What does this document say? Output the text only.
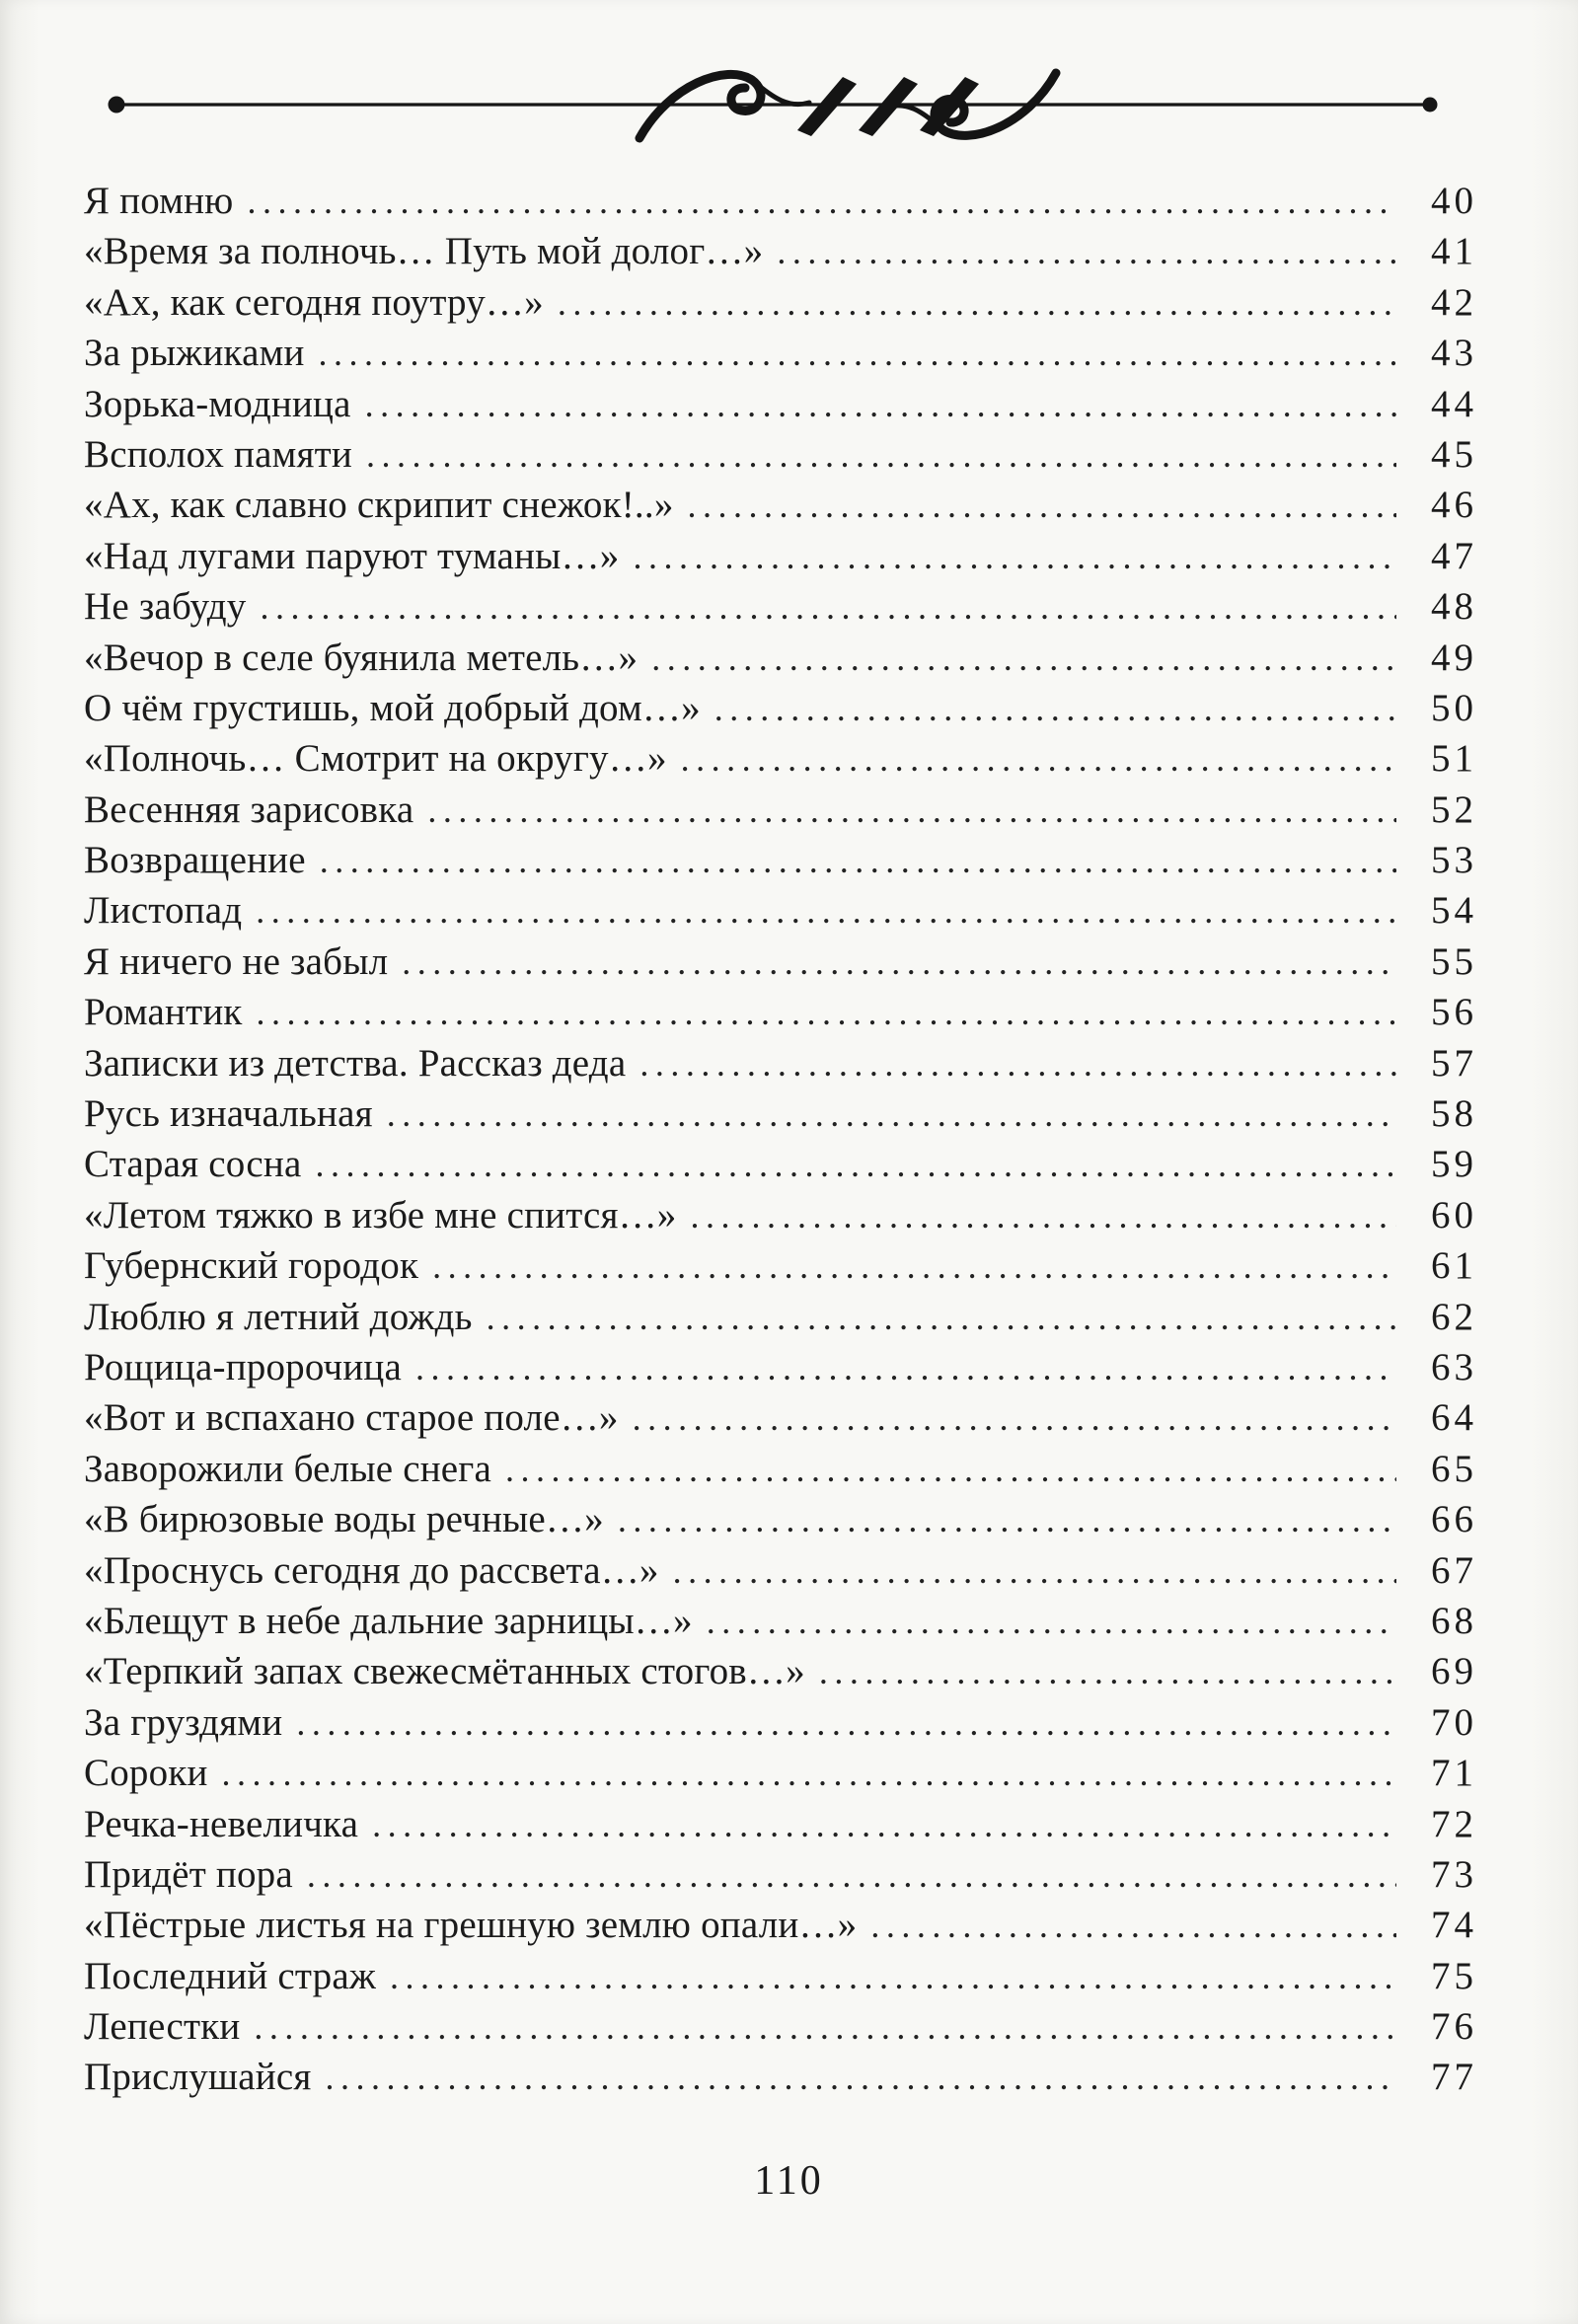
Я помню .....	40
«Время за полночь… Путь мой долог…» .....	41
«Ах, как сегодня поутру…» .....	42
За рыжиками .....	43
Зорька-модница .....	44
Всполох памяти .....	45
«Ах, как славно скрипит снежок!..» .....	46
«Над лугами паруют туманы…» .....	47
Не забуду .....	48
«Вечор в селе буянила метель…» .....	49
О чём грустишь, мой добрый дом…» .....	50
«Полночь… Смотрит на округу…» .....	51
Весенняя зарисовка .....	52
Возвращение .....	53
Листопад .....	54
Я ничего не забыл .....	55
Романтик .....	56
Записки из детства. Рассказ деда .....	57
Русь изначальная .....	58
Старая сосна .....	59
«Летом тяжко в избе мне спится…» .....	60
Губернский городок .....	61
Люблю я летний дождь .....	62
Рощица-пророчица .....	63
«Вот и вспахано старое поле…» .....	64
Заворожили белые снега .....	65
«В бирюзовые воды речные…» .....	66
«Проснусь сегодня до рассвета…» .....	67
«Блещут в небе дальние зарницы…» .....	68
«Терпкий запах свежесмётанных стогов…» .....	69
За груздями .....	70
Сороки .....	71
Речка-невеличка .....	72
Придёт пора .....	73
«Пёстрые листья на грешную землю опали…» .....	74
Последний страж .....	75
Лепестки .....	76
Прислушайся .....	77
110
